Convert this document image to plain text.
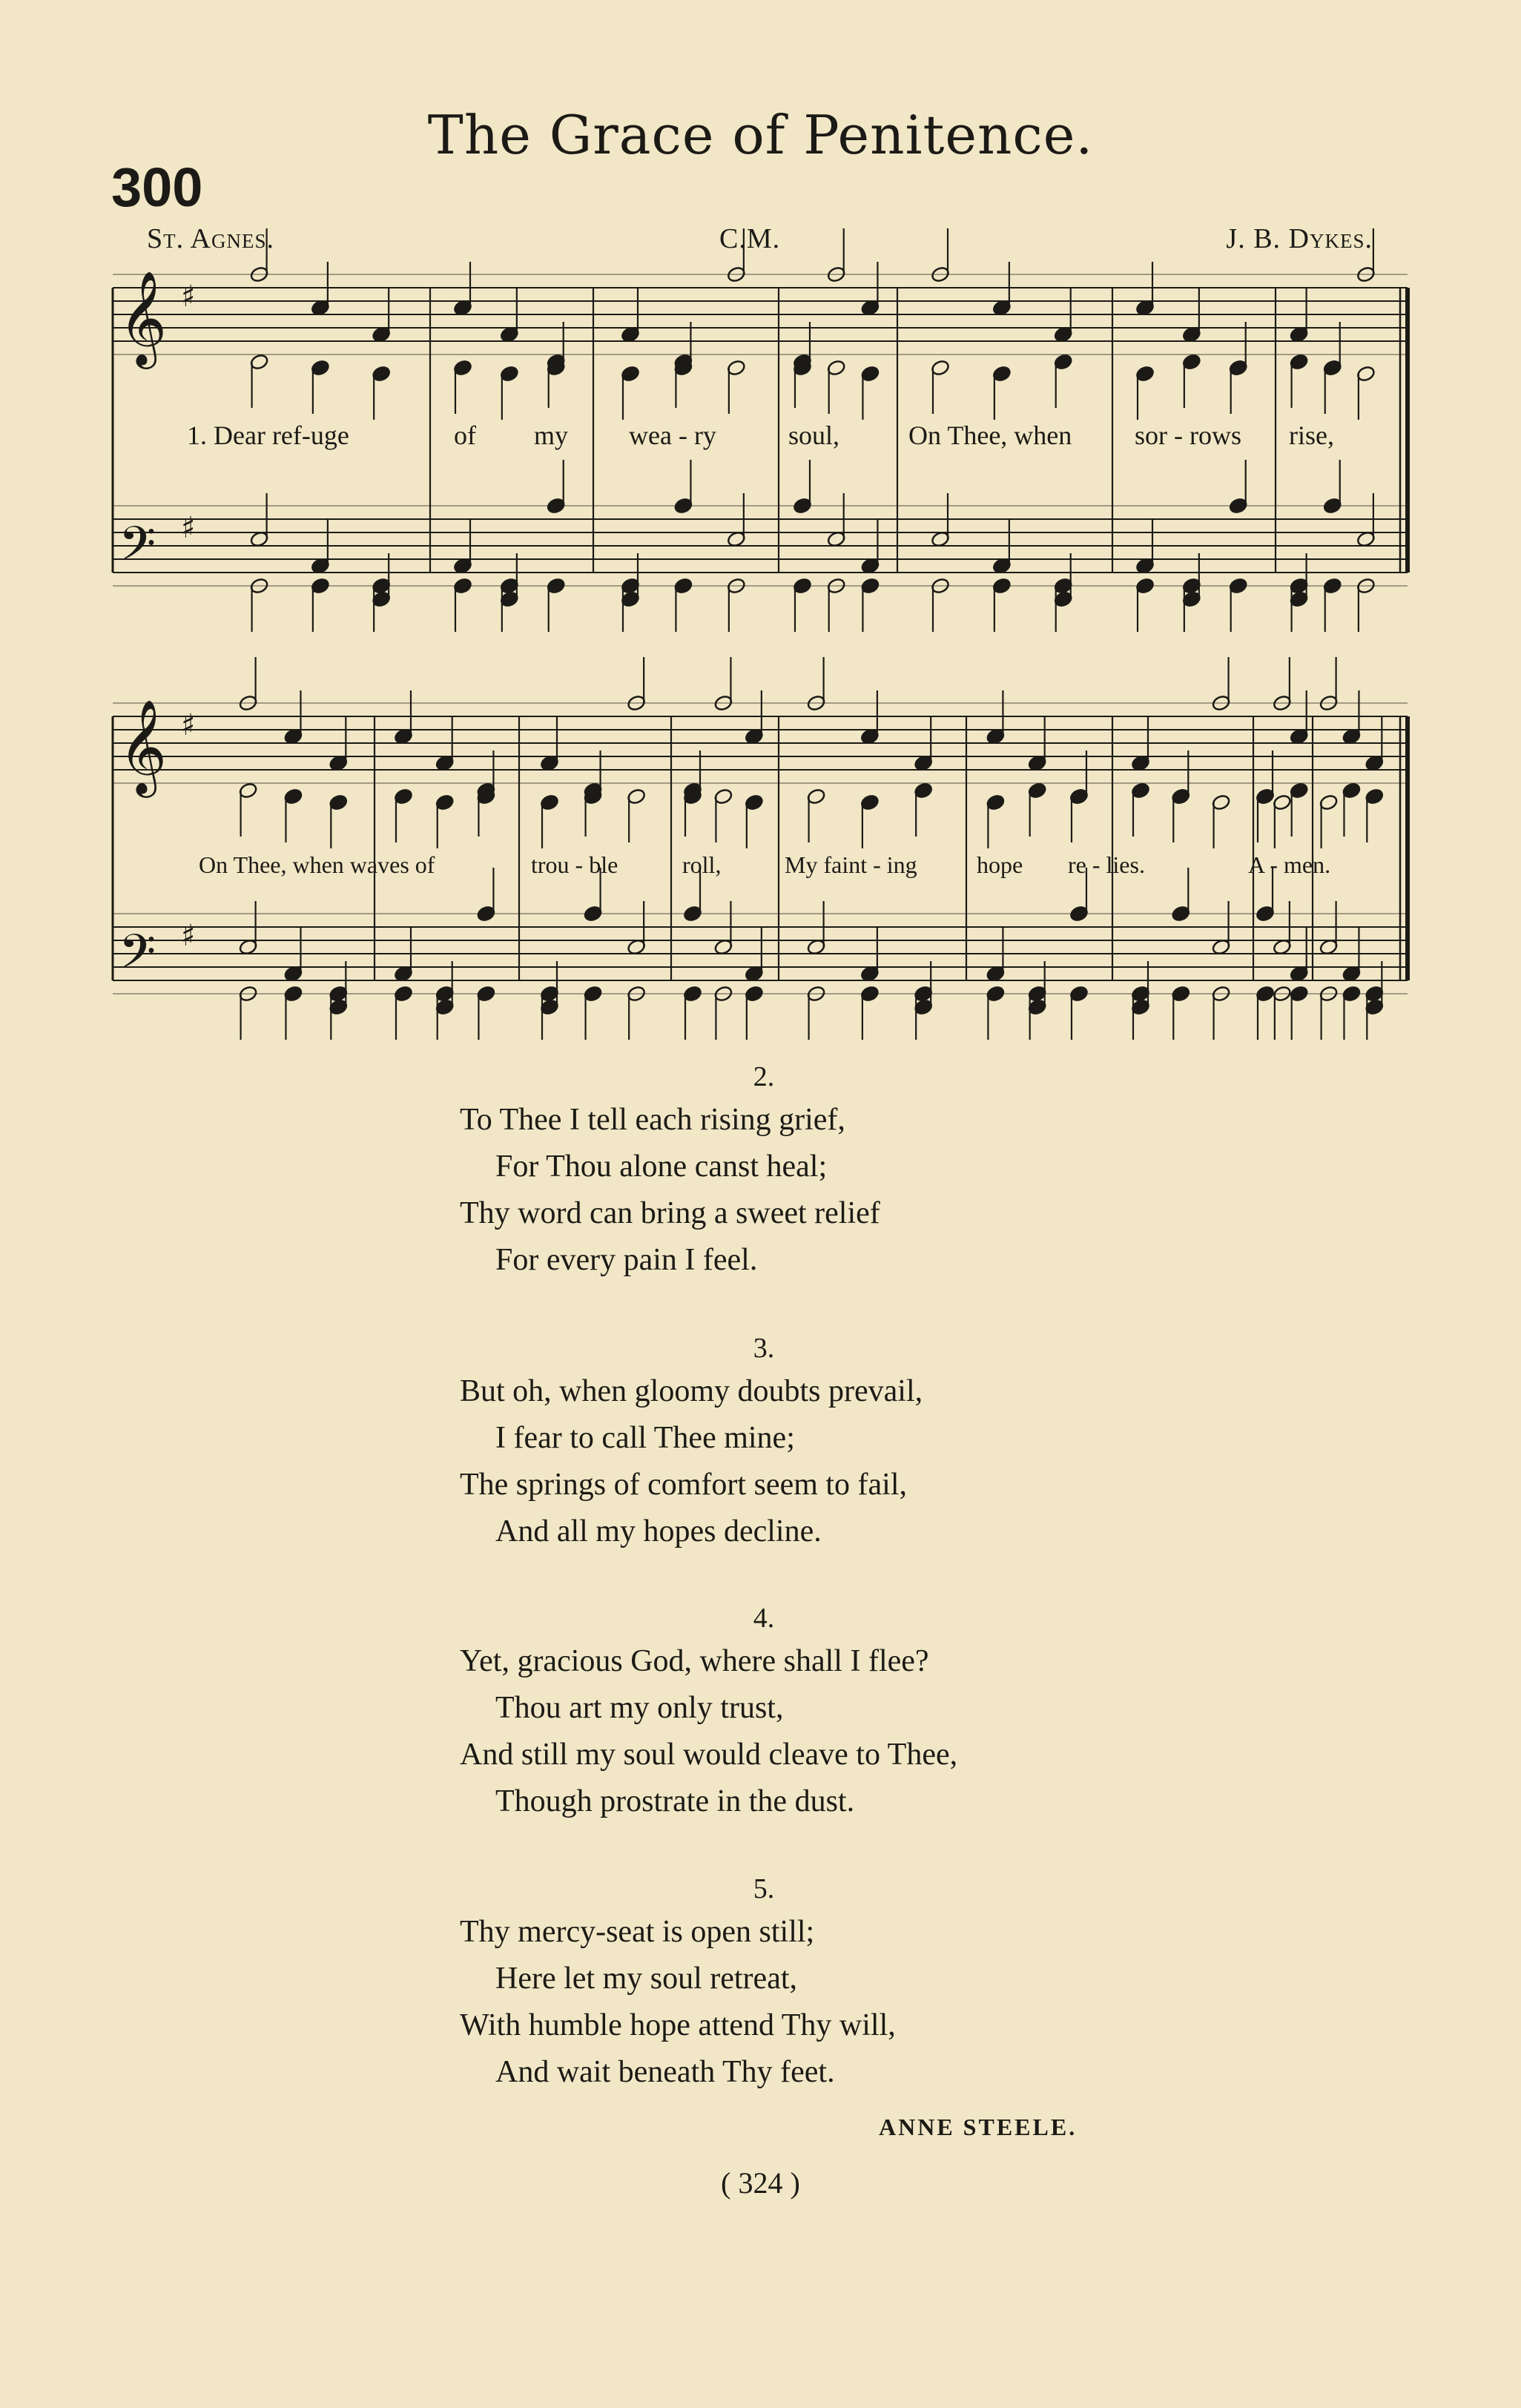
The Grace of Penitence.
300
St. Agnes.	C.M.	J. B. Dykes.
𝄞 ♯
𝄢 ♯
𝄞 ♯
𝄢 ♯
1. Dear ref-uge	of my wea - ry	soul,	On Thee, when sor - rows rise,
On Thee, when waves of	trou - ble	roll,	My faint - ing	hope re - lies.	A - men.
2.
To Thee I tell each rising grief,
For Thou alone canst heal;
Thy word can bring a sweet relief
For every pain I feel.
3.
But oh, when gloomy doubts prevail,
I fear to call Thee mine;
The springs of comfort seem to fail,
And all my hopes decline.
4.
Yet, gracious God, where shall I flee?
Thou art my only trust,
And still my soul would cleave to Thee,
Though prostrate in the dust.
5.
Thy mercy-seat is open still;
Here let my soul retreat,
With humble hope attend Thy will,
And wait beneath Thy feet.
ANNE STEELE.
( 324 )
